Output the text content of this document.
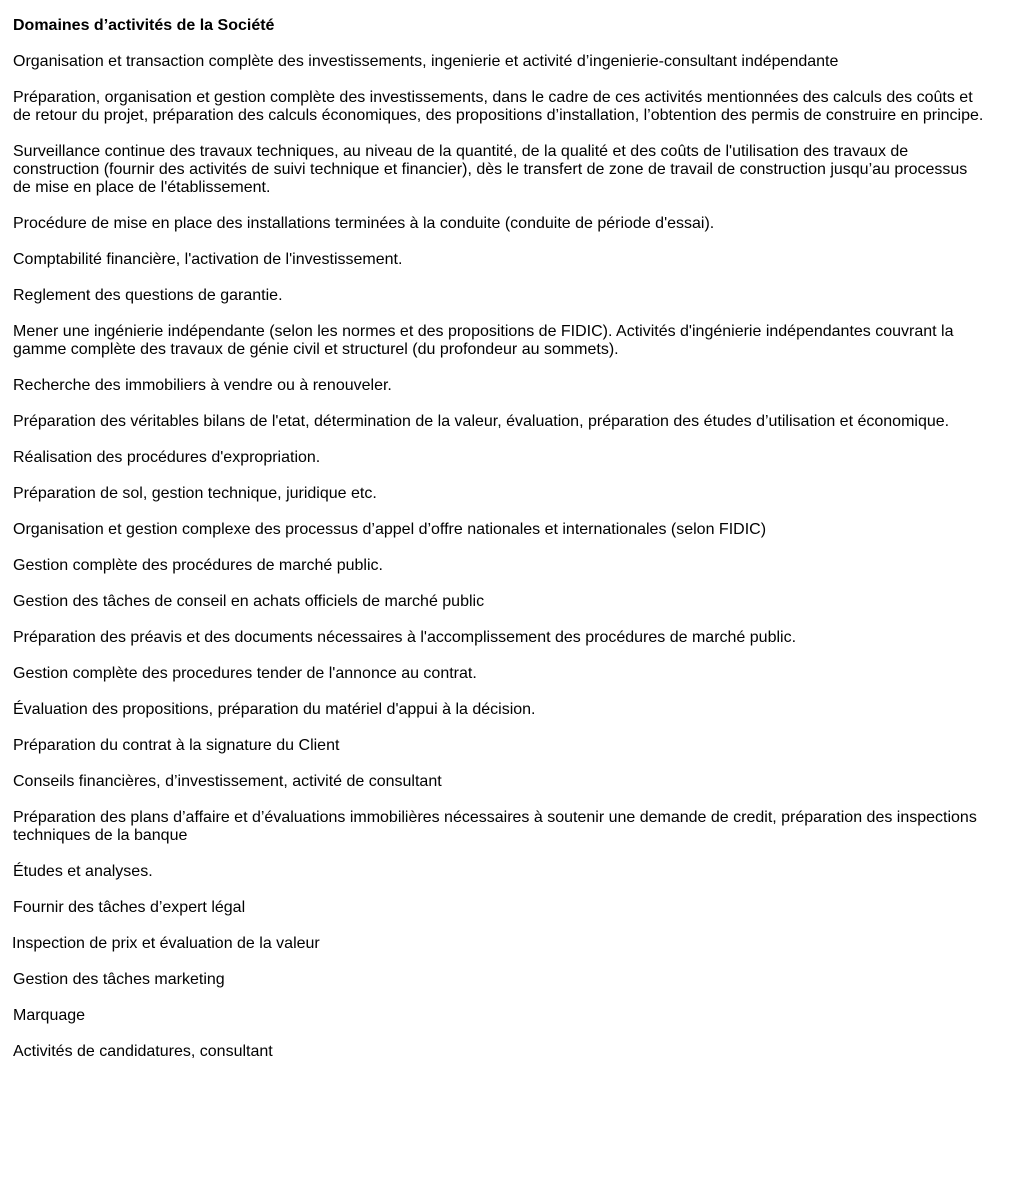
Domaines d’activités de la Société
Organisation et transaction complète des investissements, ingenierie et activité d’ingenierie-consultant indépendante
Préparation, organisation et gestion complète des investissements, dans le cadre de ces activités mentionnées des calculs des coûts et de retour du projet, préparation des calculs économiques, des propositions d’installation, l’obtention des permis de construire en principe.
Surveillance continue des travaux techniques, au niveau de la quantité, de la qualité et des coûts de l'utilisation des travaux de construction (fournir des activités de suivi technique et financier), dès le transfert de zone de travail de construction jusqu’au processus de mise en place de l'établissement.
Procédure de mise en place des installations terminées à la conduite (conduite de période d'essai).
Comptabilité financière, l'activation de l'investissement.
Reglement des questions de garantie.
Mener une ingénierie indépendante (selon les normes et des propositions de FIDIC). Activités d'ingénierie indépendantes couvrant la gamme complète des travaux de génie civil et structurel (du profondeur au sommets).
Recherche des immobiliers à vendre ou à renouveler.
Préparation des véritables bilans de l'etat, détermination de la valeur, évaluation, préparation des études d’utilisation et économique.
Réalisation des procédures d'expropriation.
Préparation de sol, gestion technique, juridique etc.
Organisation et gestion complexe des processus d’appel d’offre nationales et internationales (selon FIDIC)
Gestion complète des procédures de marché public.
Gestion des tâches de conseil en achats officiels de marché public
Préparation des préavis et des documents nécessaires à l'accomplissement des procédures de marché public.
Gestion complète des procedures tender de l'annonce au contrat.
Évaluation des propositions, préparation du matériel d'appui à la décision.
Préparation du contrat à la signature du Client
Conseils financières, d’investissement, activité de consultant
Préparation des plans d’affaire et d’évaluations immobilières nécessaires à soutenir une demande de credit, préparation des inspections techniques de la banque
Études et analyses.
Fournir des tâches d’expert légal
Inspection de prix et évaluation de la valeur
Gestion des tâches marketing
Marquage
Activités de candidatures, consultant
